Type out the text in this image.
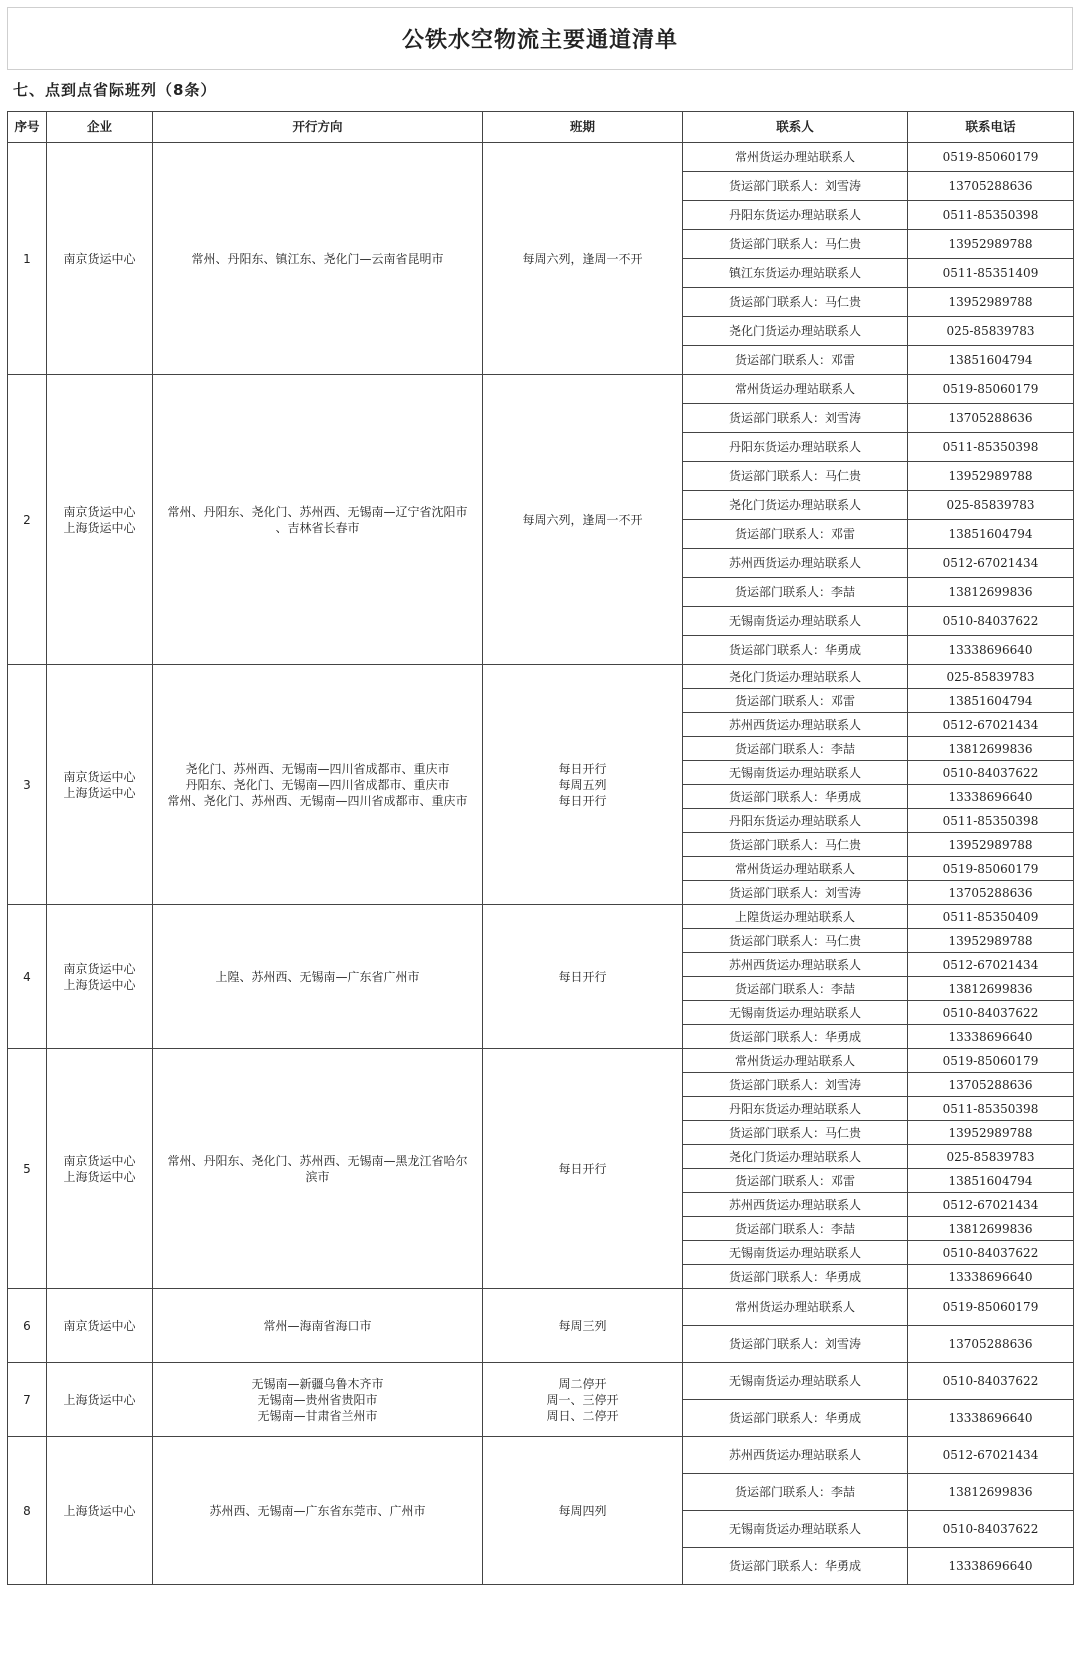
公铁水空物流主要通道清单
七、点到点省际班列（8条）
序号	企业	开行方向	班期	联系人	联系电话
1	南京货运中心	常州、丹阳东、镇江东、尧化门—云南省昆明市	每周六列，逢周一不开	常州货运办理站联系人	0519-85060179
				货运部门联系人：刘雪涛	13705288636
				丹阳东货运办理站联系人	0511-85350398
				货运部门联系人：马仁贵	13952989788
				镇江东货运办理站联系人	0511-85351409
				货运部门联系人：马仁贵	13952989788
				尧化门货运办理站联系人	025-85839783
				货运部门联系人：邓雷	13851604794
2	南京货运中心
上海货运中心	常州、丹阳东、尧化门、苏州西、无锡南—辽宁省沈阳市
、吉林省长春市	每周六列，逢周一不开	常州货运办理站联系人	0519-85060179
				货运部门联系人：刘雪涛	13705288636
				丹阳东货运办理站联系人	0511-85350398
				货运部门联系人：马仁贵	13952989788
				尧化门货运办理站联系人	025-85839783
				货运部门联系人：邓雷	13851604794
				苏州西货运办理站联系人	0512-67021434
				货运部门联系人：李喆	13812699836
				无锡南货运办理站联系人	0510-84037622
				货运部门联系人：华勇成	13338696640
3	南京货运中心
上海货运中心	尧化门、苏州西、无锡南—四川省成都市、重庆市
丹阳东、尧化门、无锡南—四川省成都市、重庆市
常州、尧化门、苏州西、无锡南—四川省成都市、重庆市	每日开行
每周五列
每日开行	尧化门货运办理站联系人	025-85839783
				货运部门联系人：邓雷	13851604794
				苏州西货运办理站联系人	0512-67021434
				货运部门联系人：李喆	13812699836
				无锡南货运办理站联系人	0510-84037622
				货运部门联系人：华勇成	13338696640
				丹阳东货运办理站联系人	0511-85350398
				货运部门联系人：马仁贵	13952989788
				常州货运办理站联系人	0519-85060179
				货运部门联系人：刘雪涛	13705288636
4	南京货运中心
上海货运中心	上隍、苏州西、无锡南—广东省广州市	每日开行	上隍货运办理站联系人	0511-85350409
				货运部门联系人：马仁贵	13952989788
				苏州西货运办理站联系人	0512-67021434
				货运部门联系人：李喆	13812699836
				无锡南货运办理站联系人	0510-84037622
				货运部门联系人：华勇成	13338696640
5	南京货运中心
上海货运中心	常州、丹阳东、尧化门、苏州西、无锡南—黑龙江省哈尔
滨市	每日开行	常州货运办理站联系人	0519-85060179
				货运部门联系人：刘雪涛	13705288636
				丹阳东货运办理站联系人	0511-85350398
				货运部门联系人：马仁贵	13952989788
				尧化门货运办理站联系人	025-85839783
				货运部门联系人：邓雷	13851604794
				苏州西货运办理站联系人	0512-67021434
				货运部门联系人：李喆	13812699836
				无锡南货运办理站联系人	0510-84037622
				货运部门联系人：华勇成	13338696640
6	南京货运中心	常州—海南省海口市	每周三列	常州货运办理站联系人	0519-85060179
				货运部门联系人：刘雪涛	13705288636
7	上海货运中心	无锡南—新疆乌鲁木齐市
无锡南—贵州省贵阳市
无锡南—甘肃省兰州市	周二停开
周一、三停开
周日、二停开	无锡南货运办理站联系人	0510-84037622
				货运部门联系人：华勇成	13338696640
8	上海货运中心	苏州西、无锡南—广东省东莞市、广州市	每周四列	苏州西货运办理站联系人	0512-67021434
				货运部门联系人：李喆	13812699836
				无锡南货运办理站联系人	0510-84037622
				货运部门联系人：华勇成	13338696640
